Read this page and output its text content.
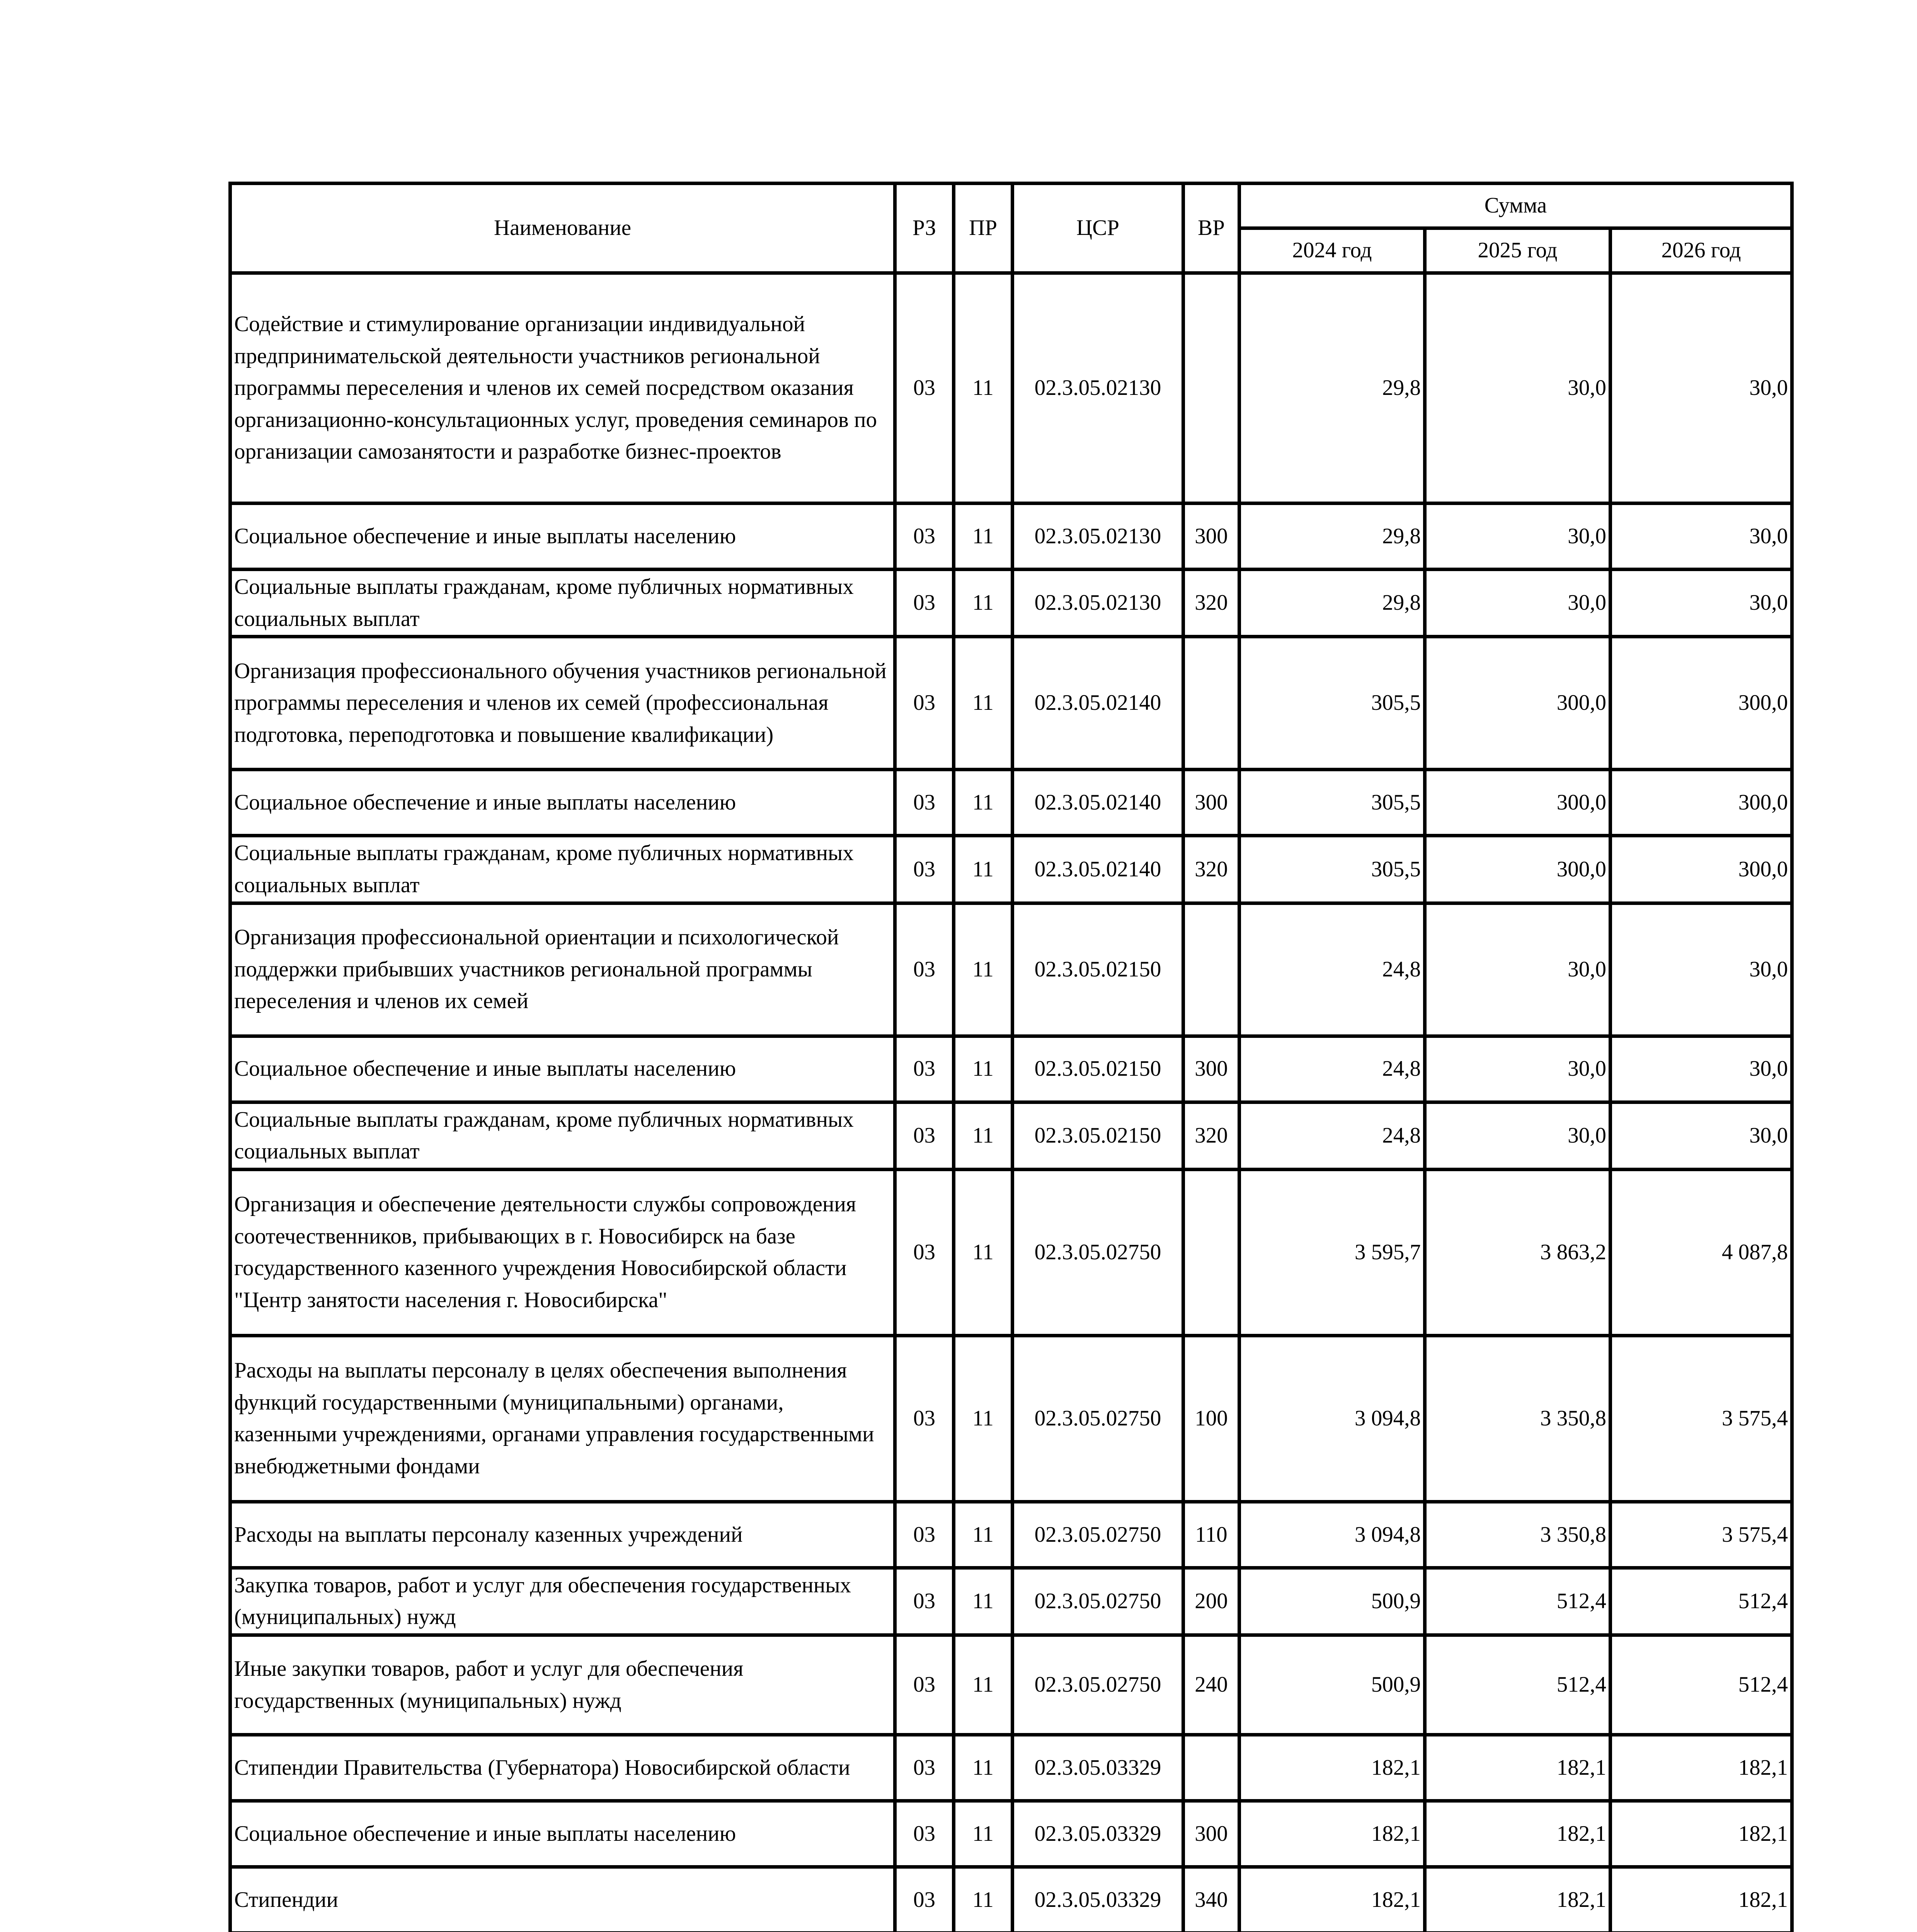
Наименование	РЗ	ПР	ЦСР	ВР	Сумма		
					2024 год	2025 год	2026 год
Содействие и стимулирование организации индивидуальной предпринимательской деятельности участников региональной программы переселения и членов их семей посредством оказания организационно-консультационных услуг, проведения семинаров по организации самозанятости и разработке бизнес-проектов	03	11	02.3.05.02130		29,8	30,0	30,0
Социальное обеспечение и иные выплаты населению	03	11	02.3.05.02130	300	29,8	30,0	30,0
Социальные выплаты гражданам, кроме публичных нормативных социальных выплат	03	11	02.3.05.02130	320	29,8	30,0	30,0
Организация профессионального обучения участников региональной программы переселения и членов их семей (профессиональная подготовка, переподготовка и повышение квалификации)	03	11	02.3.05.02140		305,5	300,0	300,0
Социальное обеспечение и иные выплаты населению	03	11	02.3.05.02140	300	305,5	300,0	300,0
Социальные выплаты гражданам, кроме публичных нормативных социальных выплат	03	11	02.3.05.02140	320	305,5	300,0	300,0
Организация профессиональной ориентации и психологической поддержки прибывших участников региональной программы переселения и членов их семей	03	11	02.3.05.02150		24,8	30,0	30,0
Социальное обеспечение и иные выплаты населению	03	11	02.3.05.02150	300	24,8	30,0	30,0
Социальные выплаты гражданам, кроме публичных нормативных социальных выплат	03	11	02.3.05.02150	320	24,8	30,0	30,0
Организация и обеспечение деятельности службы сопровождения соотечественников, прибывающих в г. Новосибирск на базе государственного казенного учреждения Новосибирской области "Центр занятости населения г. Новосибирска"	03	11	02.3.05.02750		3 595,7	3 863,2	4 087,8
Расходы на выплаты персоналу в целях обеспечения выполнения функций государственными (муниципальными) органами, казенными учреждениями, органами управления государственными внебюджетными фондами	03	11	02.3.05.02750	100	3 094,8	3 350,8	3 575,4
Расходы на выплаты персоналу казенных учреждений	03	11	02.3.05.02750	110	3 094,8	3 350,8	3 575,4
Закупка товаров, работ и услуг для обеспечения государственных (муниципальных) нужд	03	11	02.3.05.02750	200	500,9	512,4	512,4
Иные закупки товаров, работ и услуг для обеспечения государственных (муниципальных) нужд	03	11	02.3.05.02750	240	500,9	512,4	512,4
Стипендии Правительства (Губернатора) Новосибирской области	03	11	02.3.05.03329		182,1	182,1	182,1
Социальное обеспечение и иные выплаты населению	03	11	02.3.05.03329	300	182,1	182,1	182,1
Стипендии	03	11	02.3.05.03329	340	182,1	182,1	182,1
